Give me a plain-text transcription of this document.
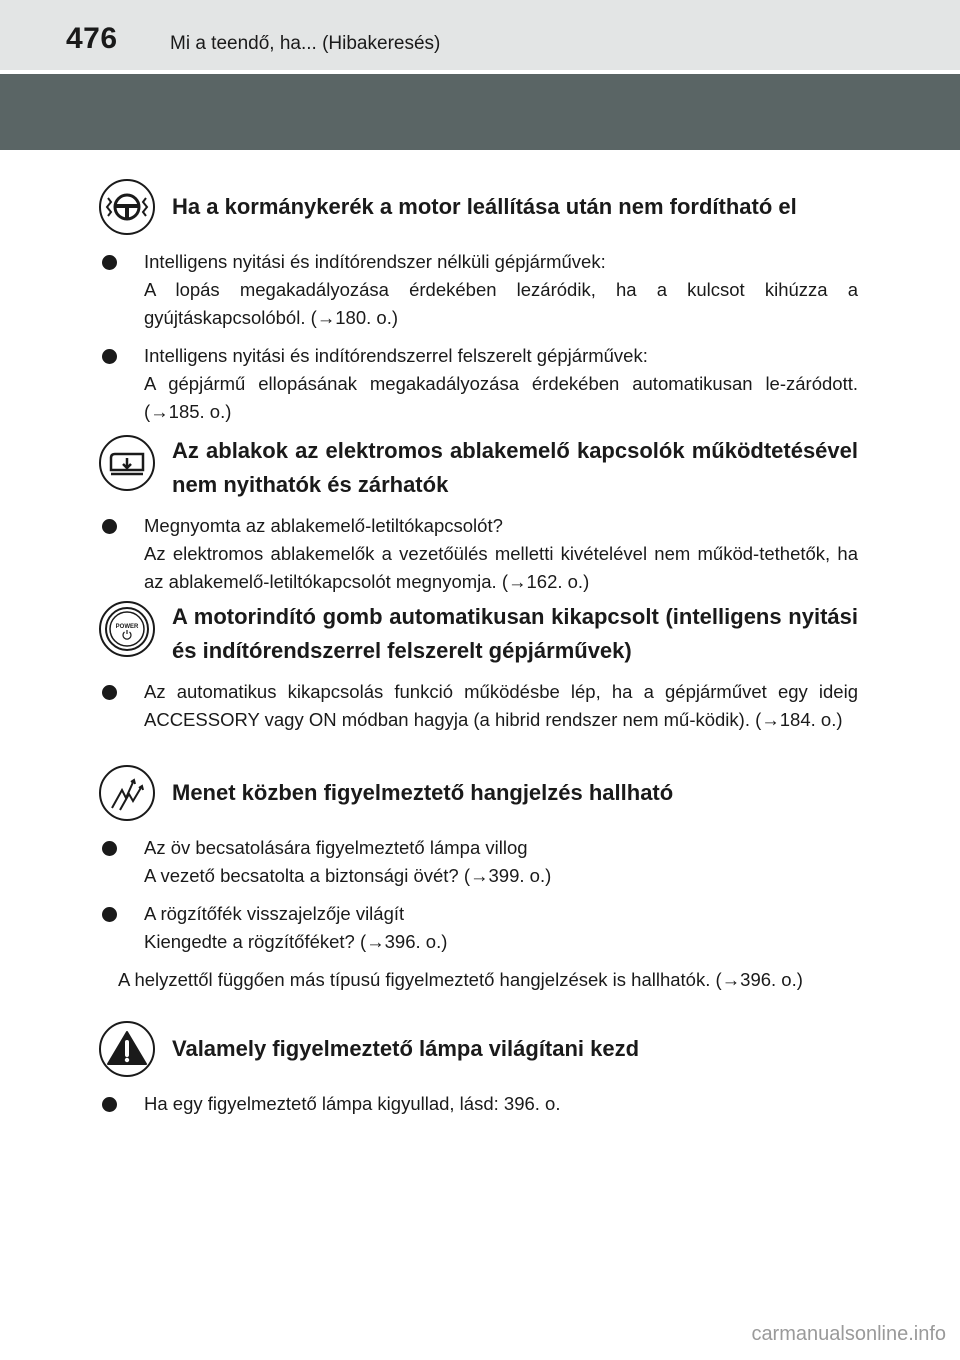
476	Mi a teendő, ha... (Hibakeresés)
Ha a kormánykerék a motor leállítása után nem fordítható el
Intelligens nyitási és indítórendszer nélküli gépjárművek:
A lopás megakadályozása érdekében lezáródik, ha a kulcsot kihúzza a gyújtáskapcsolóból. (→180. o.)
Intelligens nyitási és indítórendszerrel felszerelt gépjárművek:
A gépjármű ellopásának megakadályozása érdekében automatikusan le-záródott. (→185. o.)
Az ablakok az elektromos ablakemelő kapcsolók működtetésével nem nyithatók és zárhatók
Megnyomta az ablakemelő-letiltókapcsolót?
Az elektromos ablakemelők a vezetőülés melletti kivételével nem működ-tethetők, ha az ablakemelő-letiltókapcsolót megnyomja. (→162. o.)
POWER A motorindító gomb automatikusan kikapcsolt (intelligens nyitási és indítórendszerrel felszerelt gépjárművek)
Az automatikus kikapcsolás funkció működésbe lép, ha a gépjárművet egy ideig ACCESSORY vagy ON módban hagyja (a hibrid rendszer nem mű-ködik). (→184. o.)
Menet közben figyelmeztető hangjelzés hallható
Az öv becsatolására figyelmeztető lámpa villog
A vezető becsatolta a biztonsági övét? (→399. o.)
A rögzítőfék visszajelzője világít
Kiengedte a rögzítőféket? (→396. o.)
A helyzettől függően más típusú figyelmeztető hangjelzések is hallhatók. (→396. o.)
Valamely figyelmeztető lámpa világítani kezd
Ha egy figyelmeztető lámpa kigyullad, lásd: 396. o.
carmanualsonline.info
